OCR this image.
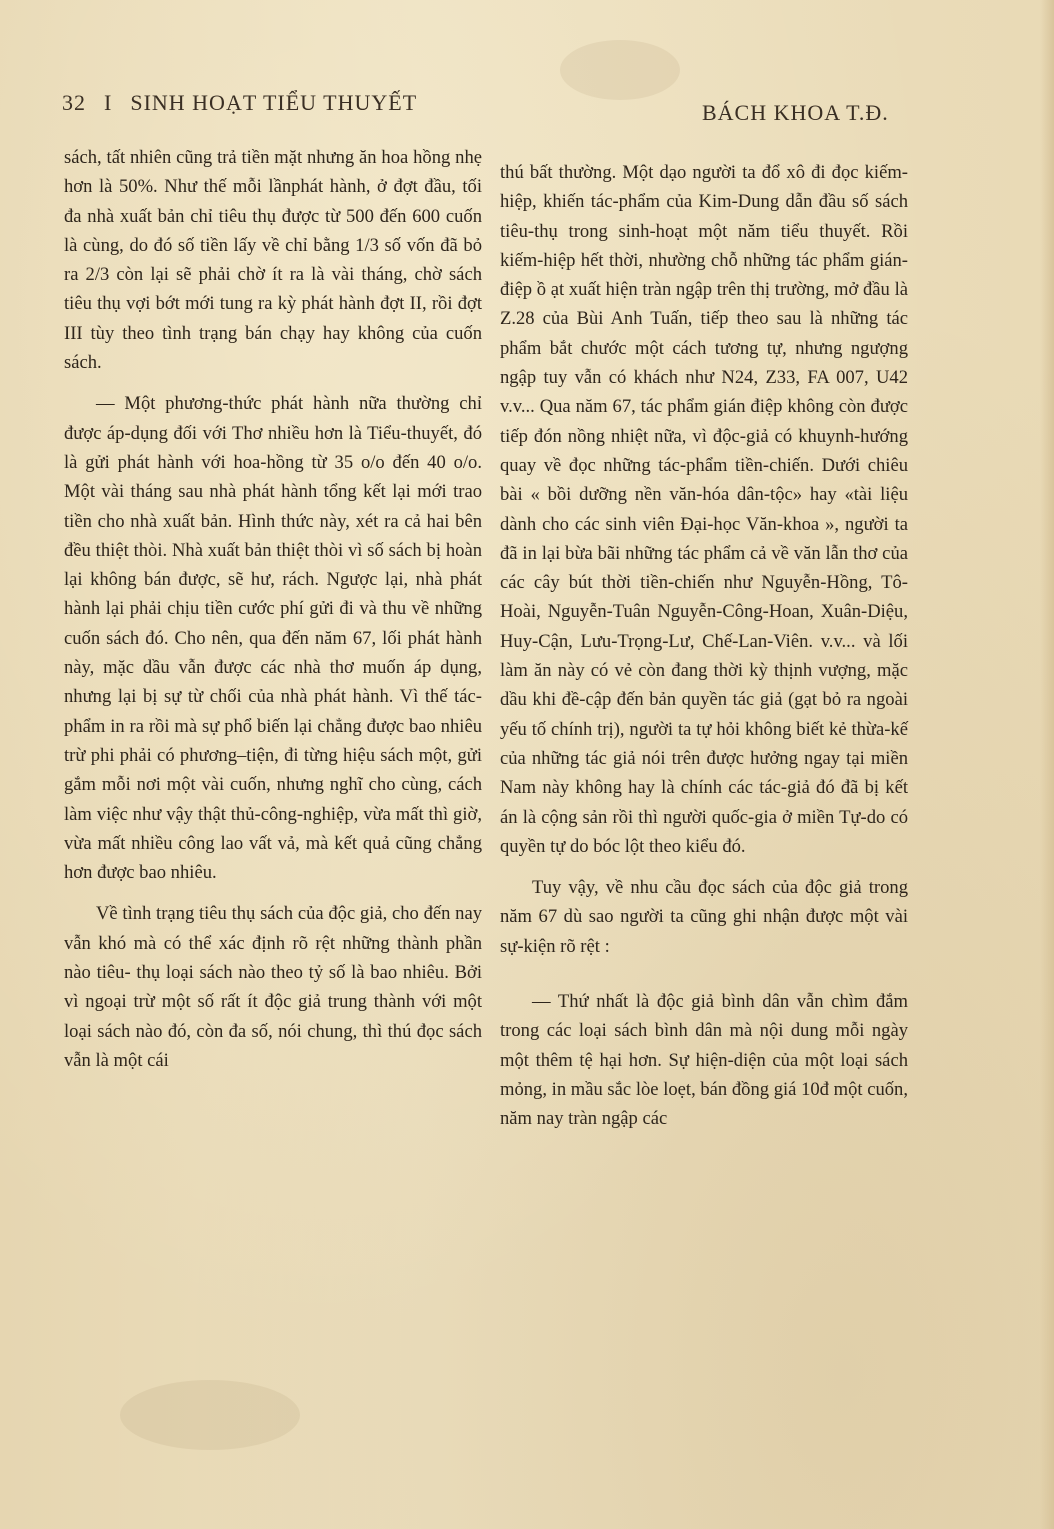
32 I SINH HOẠT TIỂU THUYẾT	BÁCH KHOA T.Đ.

sách, tất nhiên cũng trả tiền mặt nhưng ăn hoa hồng nhẹ hơn là 50%. Như thế mỗi lầnphát hành, ở đợt đầu, tối đa nhà xuất bản chỉ tiêu thụ được từ 500 đến 600 cuốn là cùng, do đó số tiền lấy về chỉ bằng 1/3 số vốn đã bỏ ra 2/3 còn lại sẽ phải chờ ít ra là vài tháng, chờ sách tiêu thụ vợi bớt mới tung ra kỳ phát hành đợt II, rồi đợt III tùy theo tình trạng bán chạy hay không của cuốn sách.

— Một phương-thức phát hành nữa thường chỉ được áp-dụng đối với Thơ nhiều hơn là Tiểu-thuyết, đó là gửi phát hành với hoa-hồng từ 35 o/o đến 40 o/o. Một vài tháng sau nhà phát hành tổng kết lại mới trao tiền cho nhà xuất bản. Hình thức này, xét ra cả hai bên đều thiệt thòi. Nhà xuất bản thiệt thòi vì số sách bị hoàn lại không bán được, sẽ hư, rách. Ngược lại, nhà phát hành lại phải chịu tiền cước phí gửi đi và thu về những cuốn sách đó. Cho nên, qua đến năm 67, lối phát hành này, mặc dầu vẫn được các nhà thơ muốn áp dụng, nhưng lại bị sự từ chối của nhà phát hành. Vì thế tác-phẩm in ra rồi mà sự phổ biến lại chẳng được bao nhiêu trừ phi phải có phương–tiện, đi từng hiệu sách một, gửi gắm mỗi nơi một vài cuốn, nhưng nghĩ cho cùng, cách làm việc như vậy thật thủ-công-nghiệp, vừa mất thì giờ, vừa mất nhiều công lao vất vả, mà kết quả cũng chẳng hơn được bao nhiêu.

Về tình trạng tiêu thụ sách của độc giả, cho đến nay vẫn khó mà có thể xác định rõ rệt những thành phần nào tiêu- thụ loại sách nào theo tỷ số là bao nhiêu. Bởi vì ngoại trừ một số rất ít độc giả trung thành với một loại sách nào đó, còn đa số, nói chung, thì thú đọc sách vẫn là một cái

thú bất thường. Một dạo người ta đổ xô đi đọc kiếm-hiệp, khiến tác-phẩm của Kim-Dung dẫn đầu số sách tiêu-thụ trong sinh-hoạt một năm tiểu thuyết. Rồi kiếm-hiệp hết thời, nhường chỗ những tác phẩm gián-điệp ồ ạt xuất hiện tràn ngập trên thị trường, mở đầu là Z.28 của Bùi Anh Tuấn, tiếp theo sau là những tác phẩm bắt chước một cách tương tự, nhưng ngượng ngập tuy vẫn có khách như N24, Z33, FA 007, U42 v.v... Qua năm 67, tác phẩm gián điệp không còn được tiếp đón nồng nhiệt nữa, vì độc-giả có khuynh-hướng quay về đọc những tác-phẩm tiền-chiến. Dưới chiêu bài « bồi dưỡng nền văn-hóa dân-tộc» hay «tài liệu dành cho các sinh viên Đại-học Văn-khoa », người ta đã in lại bừa bãi những tác phẩm cả về văn lẫn thơ của các cây bút thời tiền-chiến như Nguyễn-Hồng, Tô-Hoài, Nguyễn-Tuân Nguyễn-Công-Hoan, Xuân-Diệu, Huy-Cận, Lưu-Trọng-Lư, Chế-Lan-Viên. v.v... và lối làm ăn này có vẻ còn đang thời kỳ thịnh vượng, mặc dầu khi đề-cập đến bản quyền tác giả (gạt bỏ ra ngoài yếu tố chính trị), người ta tự hỏi không biết kẻ thừa-kế của những tác giả nói trên được hưởng ngay tại miền Nam này không hay là chính các tác-giả đó đã bị kết án là cộng sản rồi thì người quốc-gia ở miền Tự-do có quyền tự do bóc lột theo kiểu đó.

Tuy vậy, về nhu cầu đọc sách của độc giả trong năm 67 dù sao người ta cũng ghi nhận được một vài sự-kiện rõ rệt :

— Thứ nhất là độc giả bình dân vẫn chìm đắm trong các loại sách bình dân mà nội dung mỗi ngày một thêm tệ hại hơn. Sự hiện-diện của một loại sách mỏng, in mầu sắc lòe loẹt, bán đồng giá 10đ một cuốn, năm nay tràn ngập các
